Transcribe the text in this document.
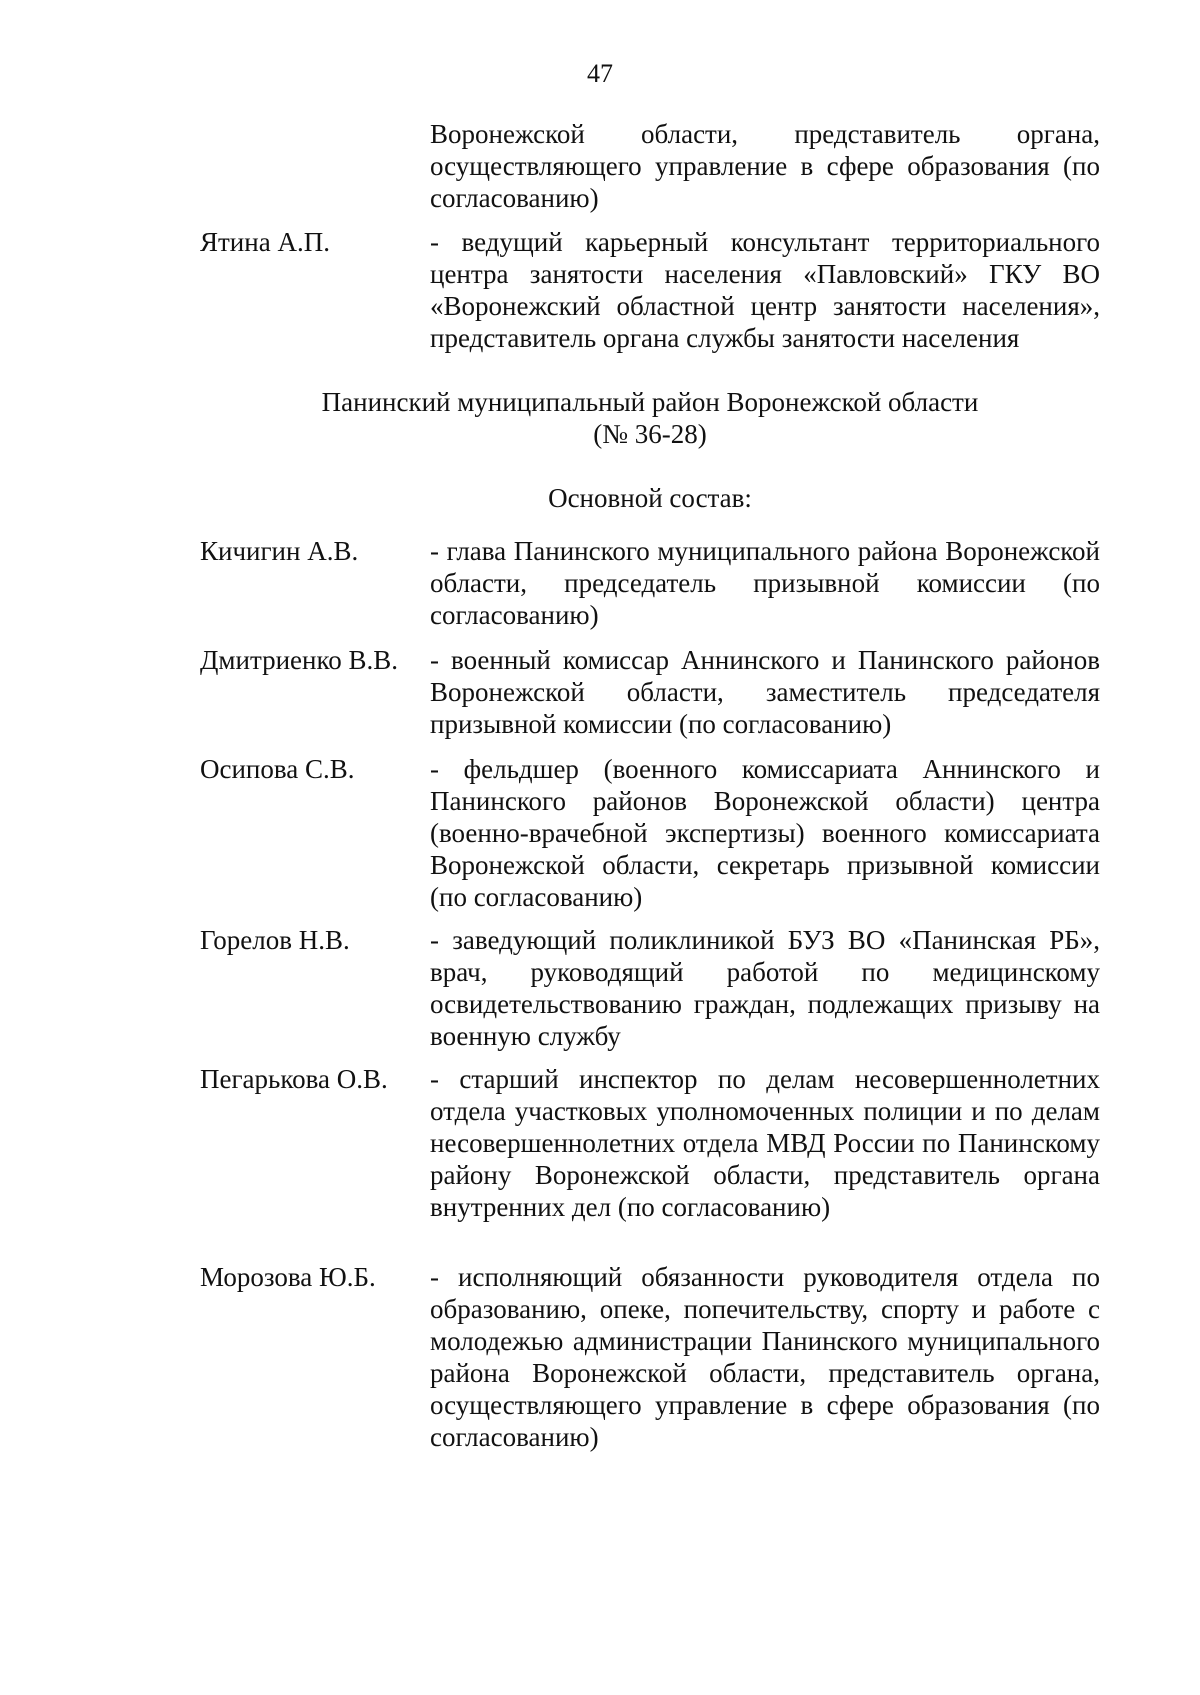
47
Воронежской области, представитель органа, осуществляющего управление в сфере образования (по согласованию)
Ятина А.П.	- ведущий карьерный консультант территориального центра занятости населения «Павловский» ГКУ ВО «Воронежский областной центр занятости населения», представитель органа службы занятости населения
Панинский муниципальный район Воронежской области
(№ 36-28)
Основной состав:
Кичигин А.В.	- глава Панинского муниципального района Воронежской области, председатель призывной комиссии (по согласованию)
Дмитриенко В.В.	- военный комиссар Аннинского и Панинского районов Воронежской области, заместитель председателя призывной комиссии (по согласованию)
Осипова С.В.	- фельдшер (военного комиссариата Аннинского и Панинского районов Воронежской области) центра (военно-врачебной экспертизы) военного комиссариата Воронежской области, секретарь призывной комиссии (по согласованию)
Горелов Н.В.	- заведующий поликлиникой БУЗ ВО «Панинская РБ», врач, руководящий работой по медицинскому освидетельствованию граждан, подлежащих призыву на военную службу
Пегарькова О.В.	- старший инспектор по делам несовершеннолетних отдела участковых уполномоченных полиции и по делам несовершеннолетних отдела МВД России по Панинскому району Воронежской области, представитель органа внутренних дел (по согласованию)
Морозова Ю.Б.	- исполняющий обязанности руководителя отдела по образованию, опеке, попечительству, спорту и работе с молодежью администрации Панинского муниципального района Воронежской области, представитель органа, осуществляющего управление в сфере образования (по согласованию)
